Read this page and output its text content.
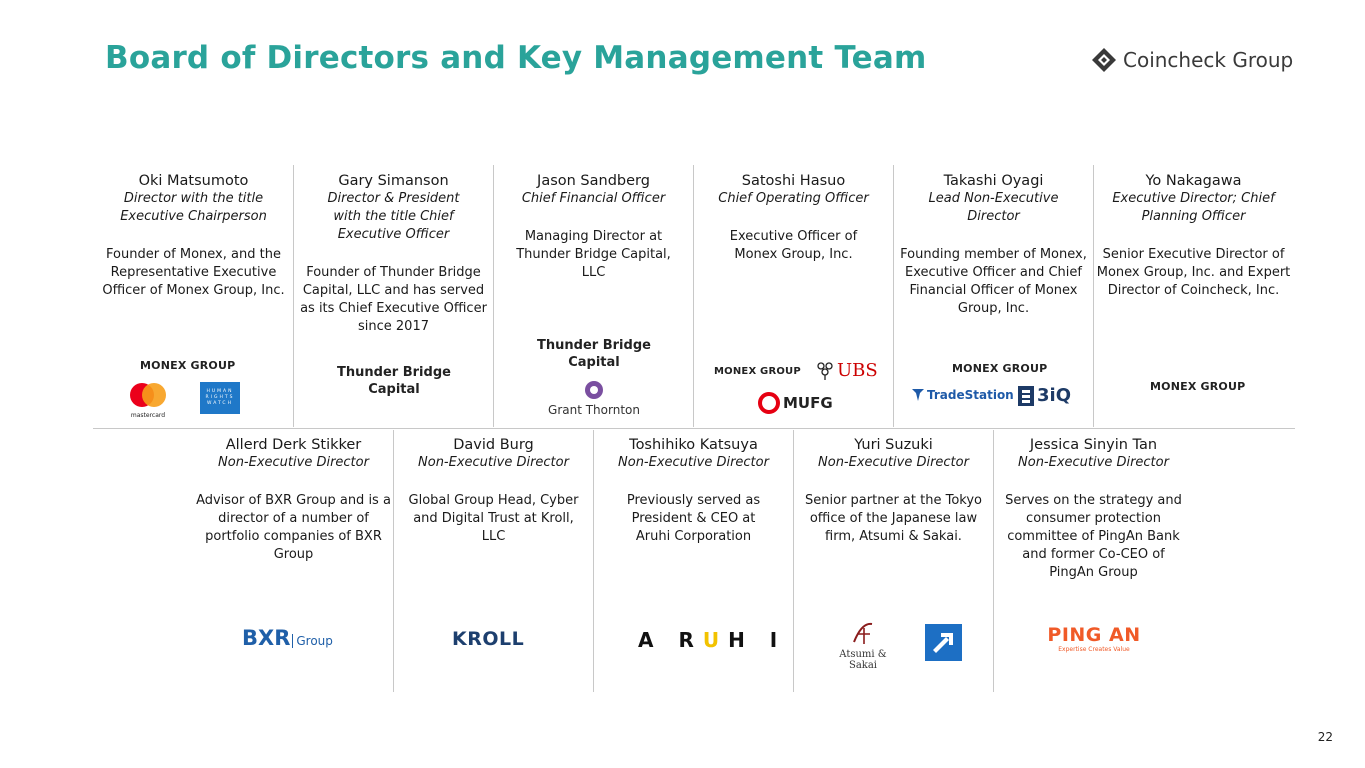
Board of Directors and Key Management Team	Coincheck Group
Oki Matsumoto
Director with the title Executive Chairperson
Founder of Monex, and the Representative Executive Officer of Monex Group, Inc.
MONEX GROUP
mastercard
HUMAN RIGHTS WATCH
Gary Simanson
Director & President with the title Chief Executive Officer
Founder of Thunder Bridge Capital, LLC and has served as its Chief Executive Officer since 2017
Thunder Bridge Capital
Jason Sandberg
Chief Financial Officer
Managing Director at Thunder Bridge Capital, LLC
Thunder Bridge Capital
Grant Thornton
Satoshi Hasuo
Chief Operating Officer
Executive Officer of Monex Group, Inc.
MONEX GROUP UBS
MUFG
Takashi Oyagi
Lead Non-Executive Director
Founding member of Monex, Executive Officer and Chief Financial Officer of Monex Group, Inc.
MONEX GROUP
TradeStation 3iQ
Yo Nakagawa
Executive Director; Chief Planning Officer
Senior Executive Director of Monex Group, Inc. and Expert Director of Coincheck, Inc.
MONEX GROUP
Allerd Derk Stikker
Non-Executive Director
Advisor of BXR Group and is a director of a number of portfolio companies of BXR Group
BXR Group
David Burg
Non-Executive Director
Global Group Head, Cyber and Digital Trust at Kroll, LLC
KROLL
Toshihiko Katsuya
Non-Executive Director
Previously served as President & CEO at Aruhi Corporation
A RUH I
Yuri Suzuki
Non-Executive Director
Senior partner at the Tokyo office of the Japanese law firm, Atsumi & Sakai.
Atsumi & Sakai
Jessica Sinyin Tan
Non-Executive Director
Serves on the strategy and consumer protection committee of PingAn Bank and former Co-CEO of PingAn Group
PING AN
Expertise Creates Value
22
